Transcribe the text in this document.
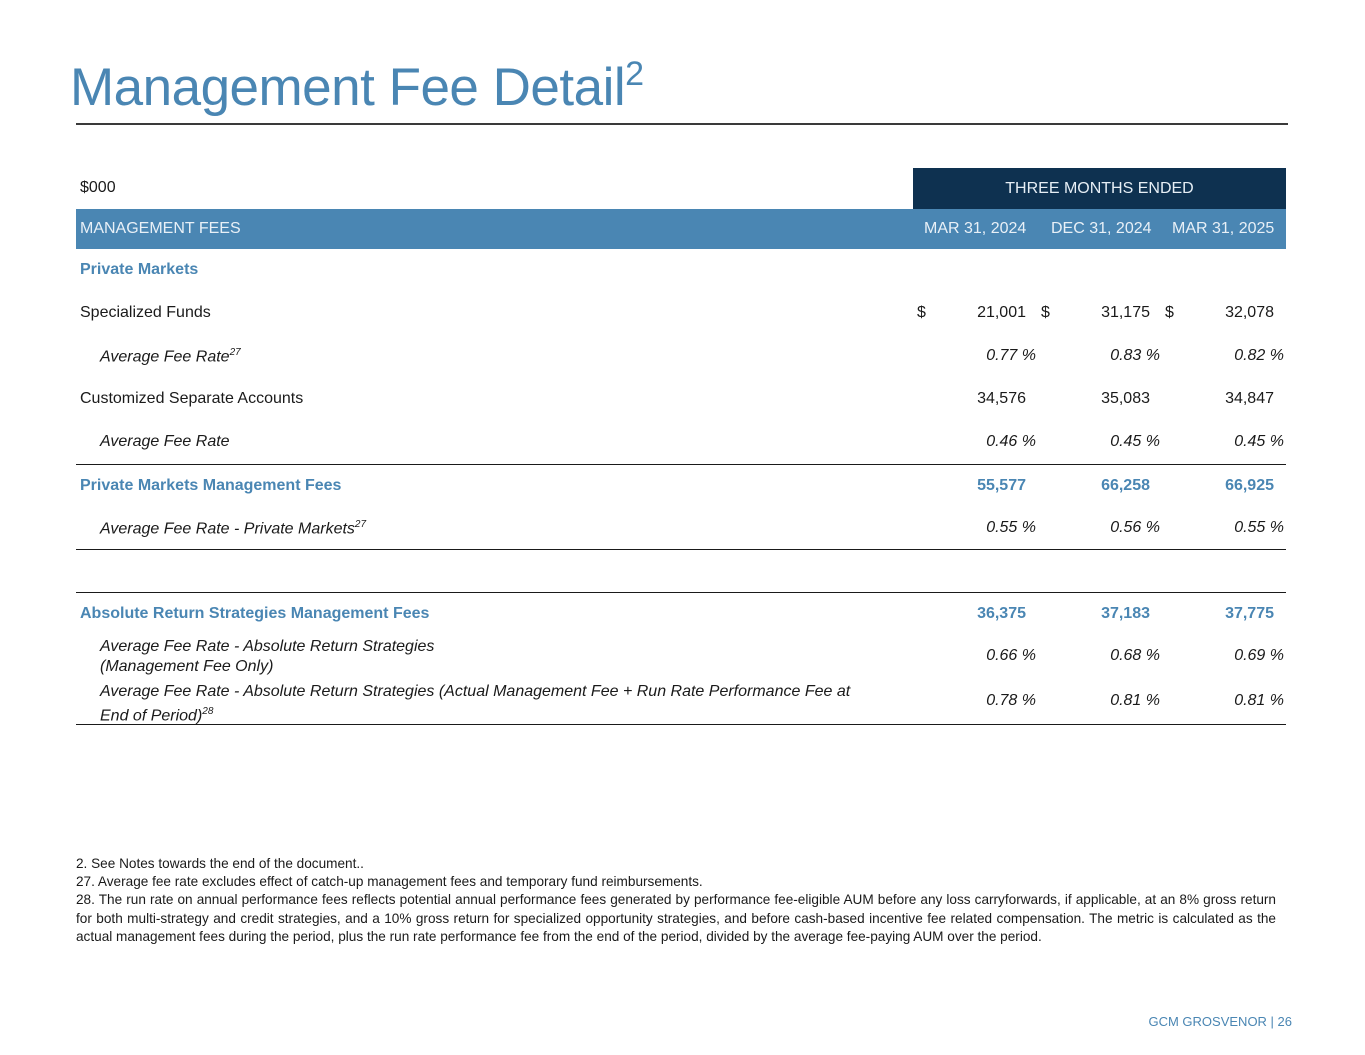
Management Fee Detail$^2$
$000	THREE MONTHS ENDED
MANAGEMENT FEES	MAR 31, 2024 DEC 31, 2024 MAR 31, 2025
Private Markets
Specialized Funds	$	21,001 $	31,175 $	32,078
Average Fee Rate$^{27}$	0.77 %	0.83 %	0.82 %
Customized Separate Accounts	34,576	35,083	34,847
Average Fee Rate	0.46 %	0.45 %	0.45 %
Private Markets Management Fees	55,577	66,258	66,925
Average Fee Rate - Private Markets$^{27}$	0.55 %	0.56 %	0.55 %
Absolute Return Strategies Management Fees	36,375	37,183	37,775
Average Fee Rate - Absolute Return Strategies
(Management Fee Only)
0.66 %	0.68 %	0.69 %
Average Fee Rate - Absolute Return Strategies (Actual Management Fee + Run Rate Performance Fee at
End of Period)$^{28}$
0.78 %	0.81 %	0.81 %

2. See Notes towards the end of the document..

27. Average fee rate excludes effect of catch-up management fees and temporary fund reimbursements.

28. The run rate on annual performance fees reflects potential annual performance fees generated by performance fee-eligible AUM before any loss carryforwards, if applicable, at an 8% gross return for both multi-strategy and credit strategies, and a 10% gross return for specialized opportunity strategies, and before cash-based incentive fee related compensation. The metric is calculated as the actual management fees during the period, plus the run rate performance fee from the end of the period, divided by the average fee-paying AUM over the period.

GCM GROSVENOR | 26
